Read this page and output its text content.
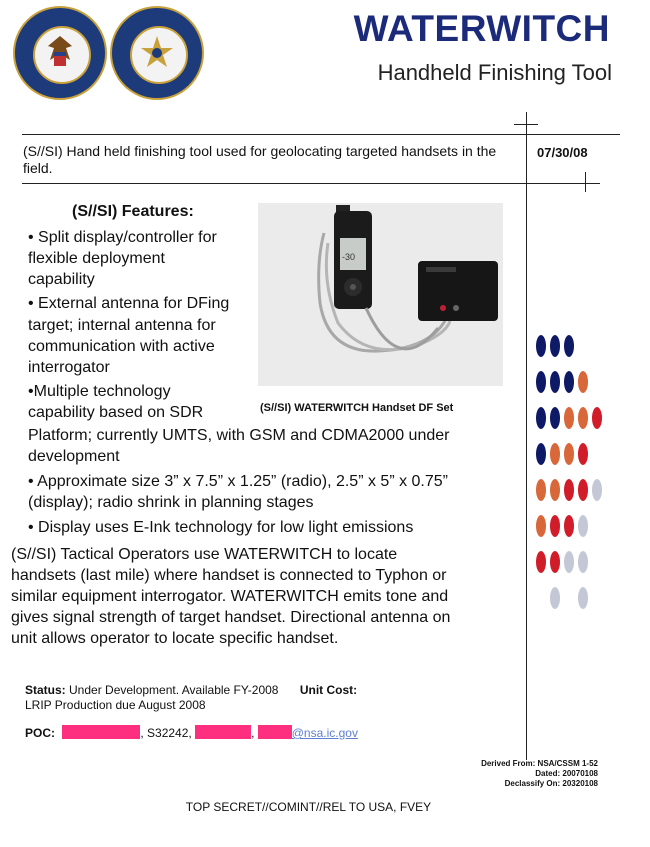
WATERWITCH
Handheld Finishing Tool
(S//SI) Hand held finishing tool used for geolocating targeted handsets in the field.
07/30/08
(S//SI) Features:
• Split display/controller for
flexible deployment
capability
• External antenna for DFing
target; internal antenna for
communication with active
interrogator
•Multiple technology
capability based on SDR
Platform; currently UMTS, with GSM and CDMA2000 under
development
• Approximate size 3” x 7.5” x 1.25” (radio), 2.5” x 5” x 0.75”
(display); radio shrink in planning stages
• Display uses E-Ink technology for low light emissions
-30
(S//SI) WATERWITCH Handset DF Set
(S//SI) Tactical Operators use WATERWITCH to locate
handsets (last mile) where handset is connected to Typhon or
similar equipment interrogator. WATERWITCH emits tone and
gives signal strength of target handset. Directional antenna on
unit allows operator to locate specific handset.
Status: Under Development. Available FY-2008 Unit Cost:
LRIP Production due August 2008
POC:	, S32242,	,	@nsa.ic.gov
Derived From: NSA/CSSM 1-52
Dated: 20070108
Declassify On: 20320108
TOP SECRET//COMINT//REL TO USA, FVEY
